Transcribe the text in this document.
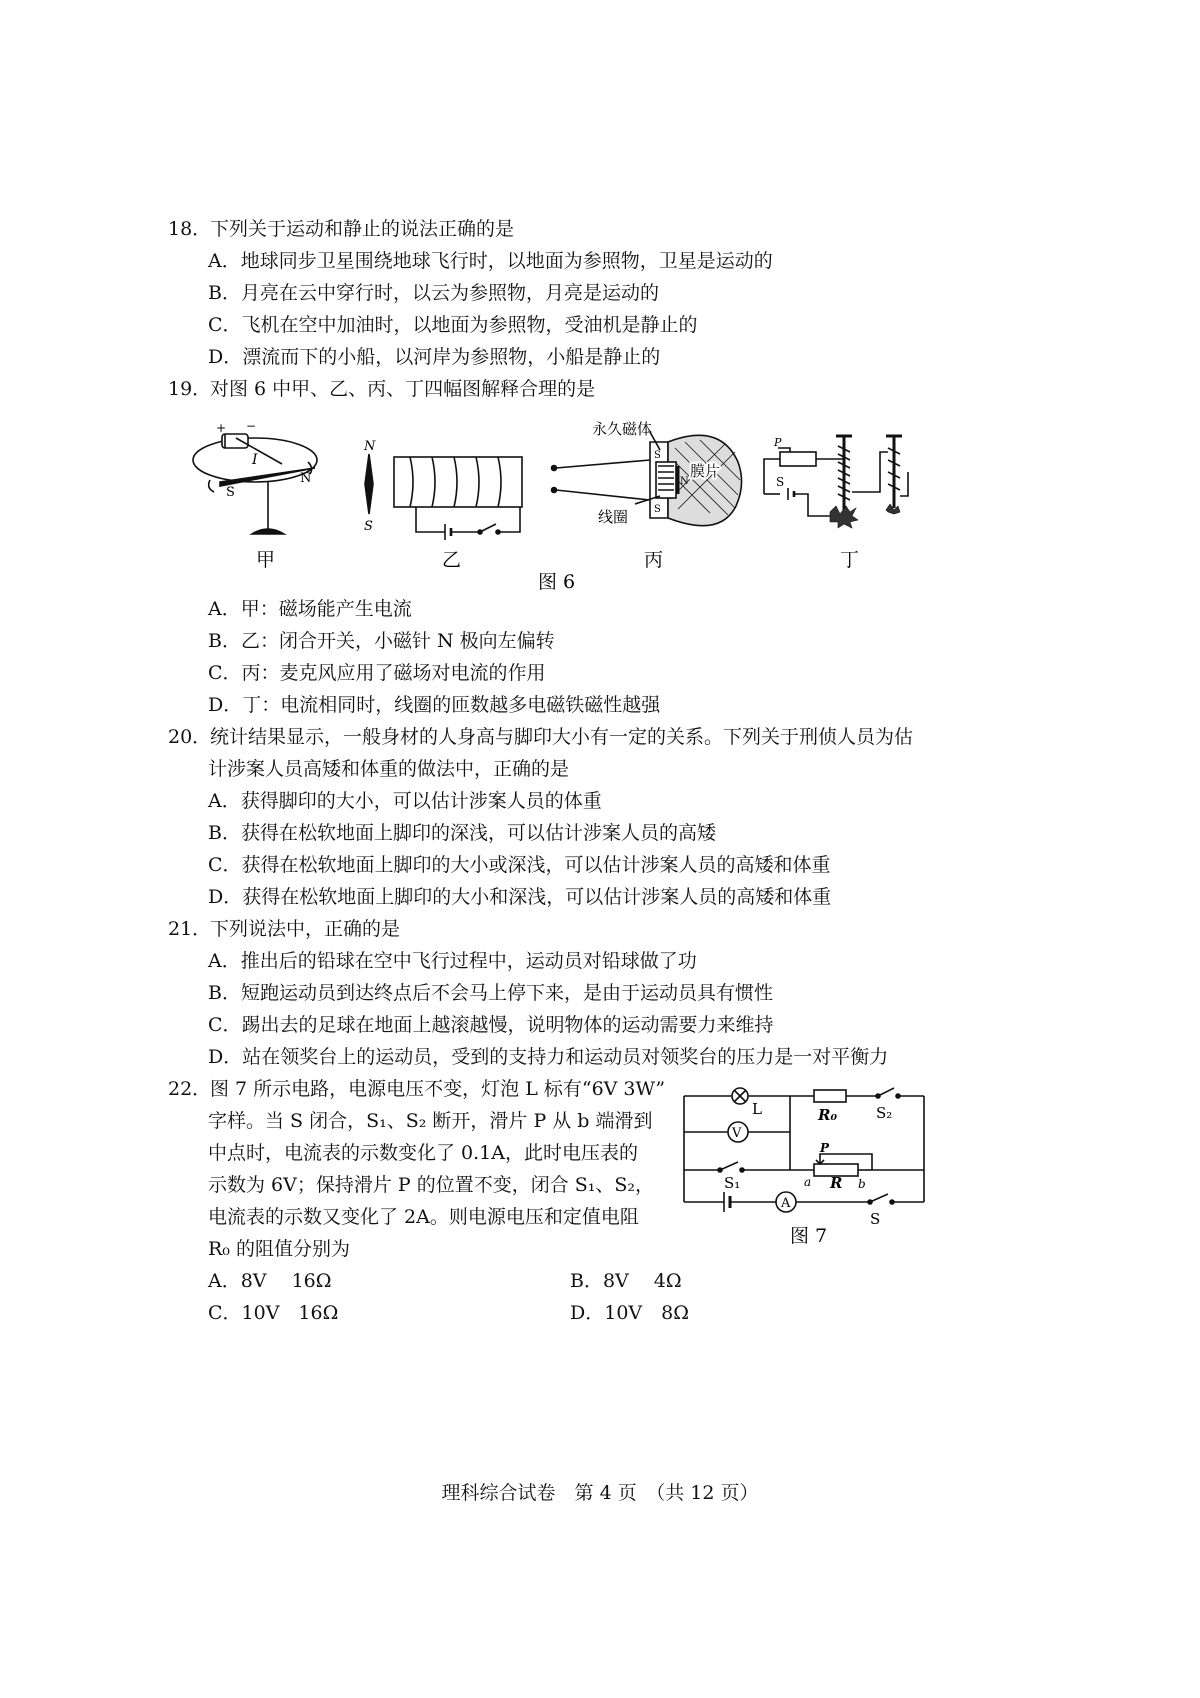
18．下列关于运动和静止的说法正确的是
A．地球同步卫星围绕地球飞行时，以地面为参照物，卫星是运动的
B．月亮在云中穿行时，以云为参照物，月亮是运动的
C．飞机在空中加油时，以地面为参照物，受油机是静止的
D．漂流而下的小船，以河岸为参照物，小船是静止的
19．对图 6 中甲、乙、丙、丁四幅图解释合理的是
+ −
I
S
N
甲
N
S
乙
永久磁体
膜片
线圈
S
N
S
丙
P
S
丁
图 6
A．甲：磁场能产生电流
B．乙：闭合开关，小磁针 N 极向左偏转
C．丙：麦克风应用了磁场对电流的作用
D．丁：电流相同时，线圈的匝数越多电磁铁磁性越强
20．统计结果显示，一般身材的人身高与脚印大小有一定的关系。下列关于刑侦人员为估
计涉案人员高矮和体重的做法中，正确的是
A．获得脚印的大小，可以估计涉案人员的体重
B．获得在松软地面上脚印的深浅，可以估计涉案人员的高矮
C．获得在松软地面上脚印的大小或深浅，可以估计涉案人员的高矮和体重
D．获得在松软地面上脚印的大小和深浅，可以估计涉案人员的高矮和体重
21．下列说法中，正确的是
A．推出后的铅球在空中飞行过程中，运动员对铅球做了功
B．短跑运动员到达终点后不会马上停下来，是由于运动员具有惯性
C．踢出去的足球在地面上越滚越慢，说明物体的运动需要力来维持
D．站在领奖台上的运动员，受到的支持力和运动员对领奖台的压力是一对平衡力
22．图 7 所示电路，电源电压不变，灯泡 L 标有“6V 3W”
字样。当 S 闭合，S₁、S₂ 断开，滑片 P 从 b 端滑到
中点时，电流表的示数变化了 0.1A，此时电压表的
示数为 6V；保持滑片 P 的位置不变，闭合 S₁、S₂，
电流表的示数又变化了 2A。则电源电压和定值电阻
R₀ 的阻值分别为
L	R₀	S₂
V
P
S₁	a R b
A
S
图 7
A．8V　 16Ω	B．8V　 4Ω
C．10V　16Ω	D．10V　8Ω
理科综合试卷　第 4 页　（共 12 页）
